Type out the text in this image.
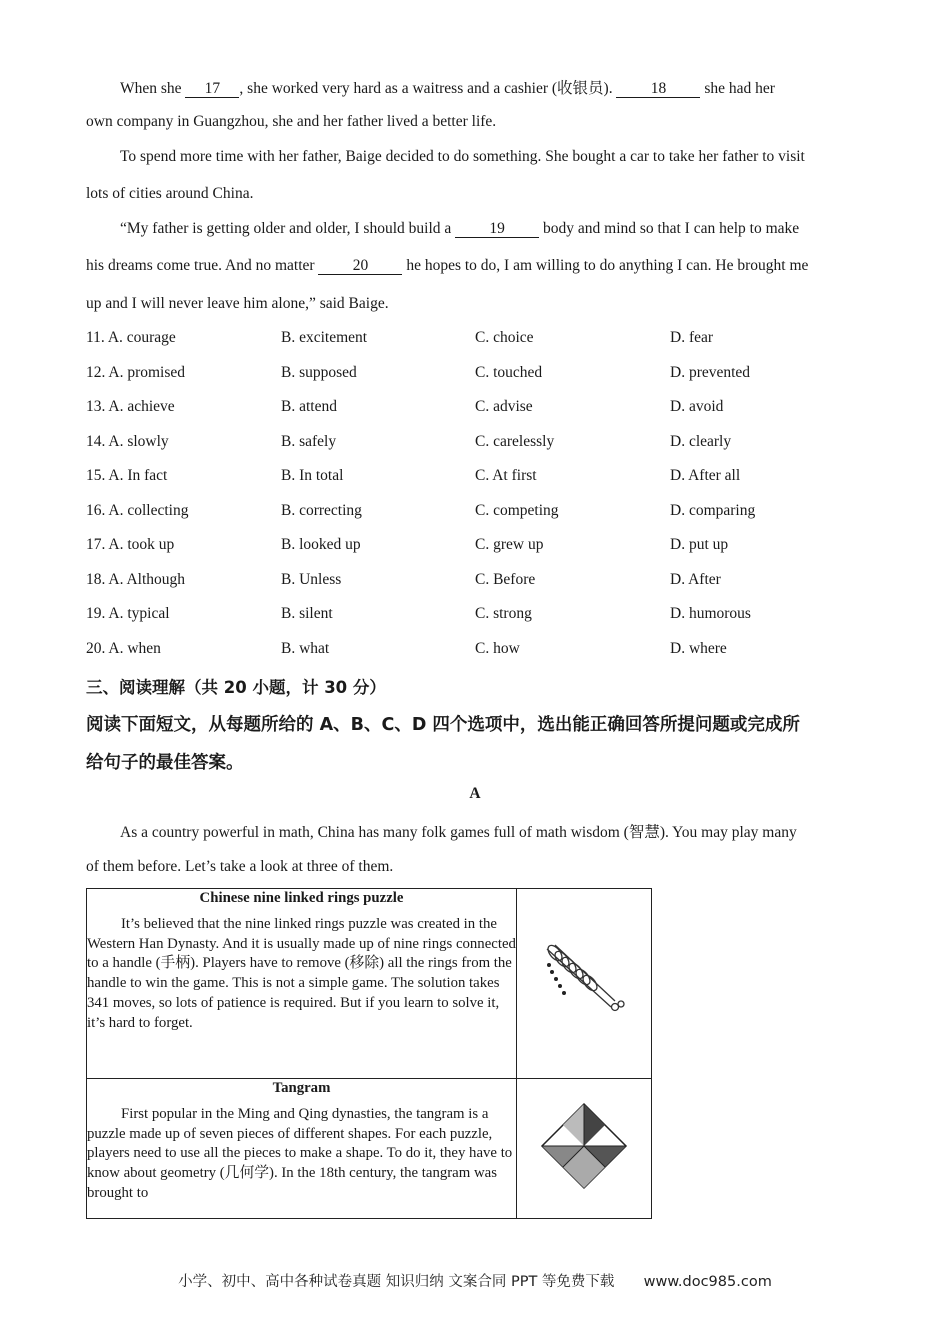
When she 17 , she worked very hard as a waitress and a cashier (收银员). 18 she had her
own company in Guangzhou, she and her father lived a better life.
To spend more time with her father, Baige decided to do something. She bought a car to take her father to visit
lots of cities around China.
“My father is getting older and older, I should build a 19 body and mind so that I can help to make
his dreams come true. And no matter 20 he hopes to do, I am willing to do anything I can. He brought me
up and I will never leave him alone,” said Baige.
11. A. courage	B. excitement	C. choice	D. fear
12. A. promised	B. supposed	C. touched	D. prevented
13. A. achieve	B. attend	C. advise	D. avoid
14. A. slowly	B. safely	C. carelessly	D. clearly
15. A. In fact	B. In total	C. At first	D. After all
16. A. collecting	B. correcting	C. competing	D. comparing
17. A. took up	B. looked up	C. grew up	D. put up
18. A. Although	B. Unless	C. Before	D. After
19. A. typical	B. silent	C. strong	D. humorous
20. A. when	B. what	C. how	D. where
三、阅读理解（共 20 小题，计 30 分）
阅读下面短文，从每题所给的 A、B、C、D 四个选项中，选出能正确回答所提问题或完成所
给句子的最佳答案。
A
As a country powerful in math, China has many folk games full of math wisdom (智慧). You may play many
of them before. Let’s take a look at three of them.
Chinese nine linked rings puzzle
It’s believed that the nine linked rings puzzle was created in the Western Han Dynasty. And it is usually made up of nine rings connected to a handle (手柄). Players have to remove (移除) all the rings from the handle to win the game. This is not a simple game. The solution takes 341 moves, so lots of patience is required. But if you learn to solve it, it’s hard to forget.

Tangram
First popular in the Ming and Qing dynasties, the tangram is a puzzle made up of seven pieces of different shapes. For each puzzle, players need to use all the pieces to make a shape. To do it, they have to know about geometry (几何学). In the 18th century, the tangram was brought to

小学、初中、高中各种试卷真题 知识归纳 文案合同 PPT 等免费下载 www.doc985.com
